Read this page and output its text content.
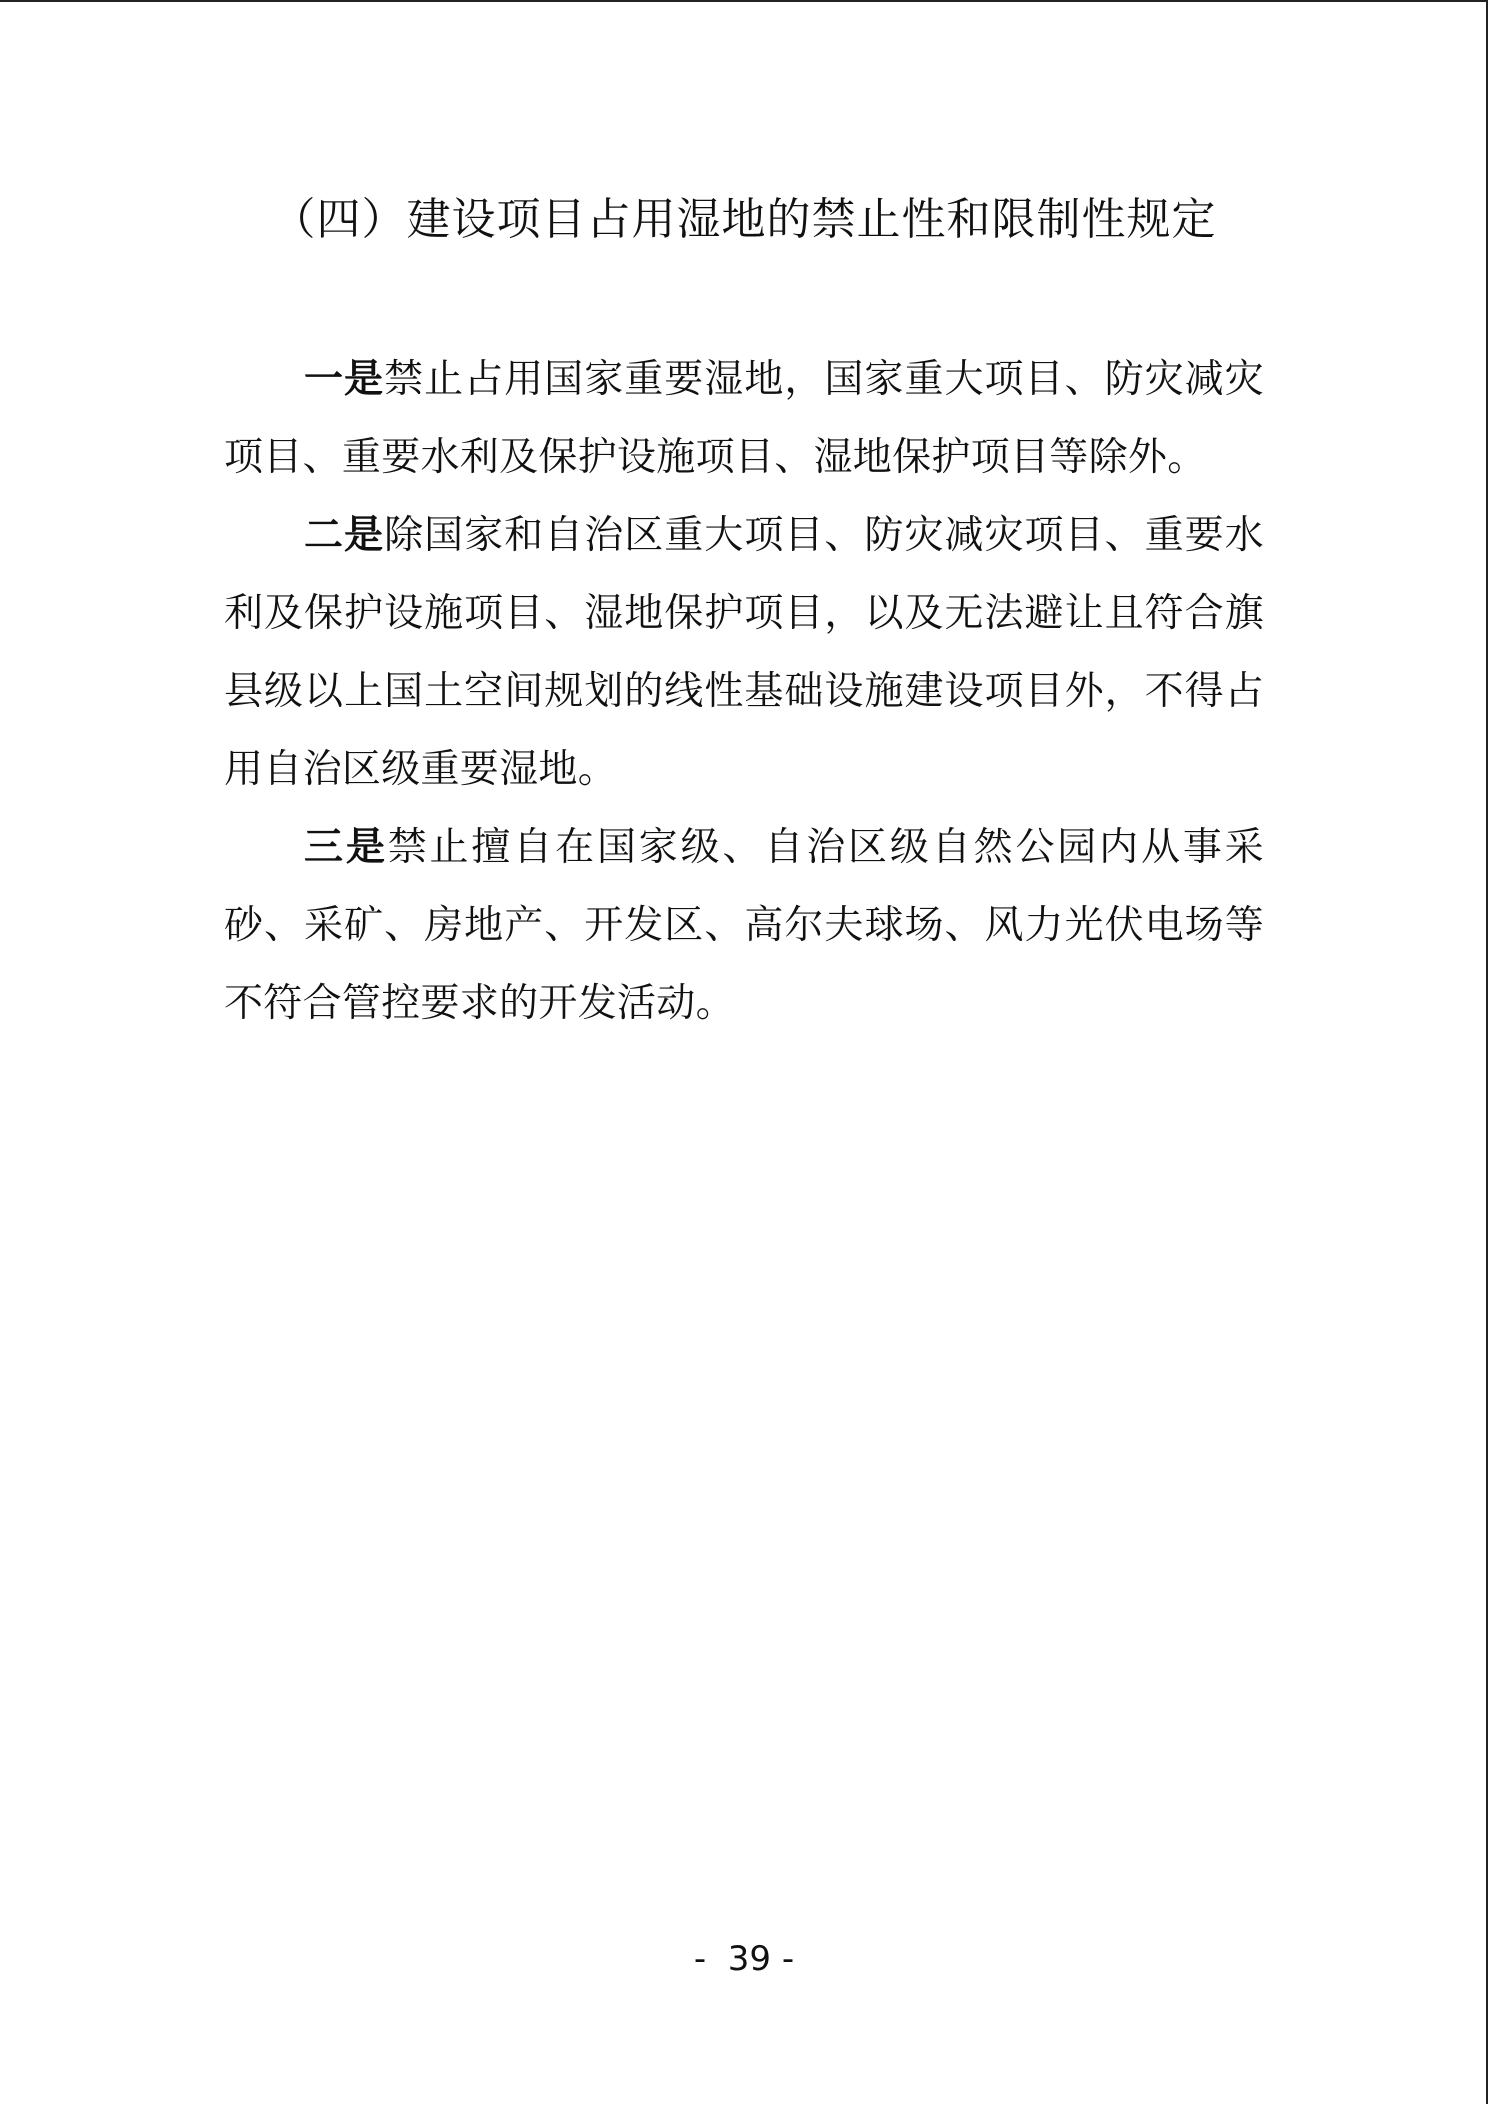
（四）建设项目占用湿地的禁止性和限制性规定

一是禁止占用国家重要湿地，国家重大项目、防灾减灾项目、重要水利及保护设施项目、湿地保护项目等除外。

二是除国家和自治区重大项目、防灾减灾项目、重要水利及保护设施项目、湿地保护项目，以及无法避让且符合旗县级以上国土空间规划的线性基础设施建设项目外，不得占用自治区级重要湿地。

三是禁止擅自在国家级、自治区级自然公园内从事采砂、采矿、房地产、开发区、高尔夫球场、风力光伏电场等不符合管控要求的开发活动。

-  39 -
